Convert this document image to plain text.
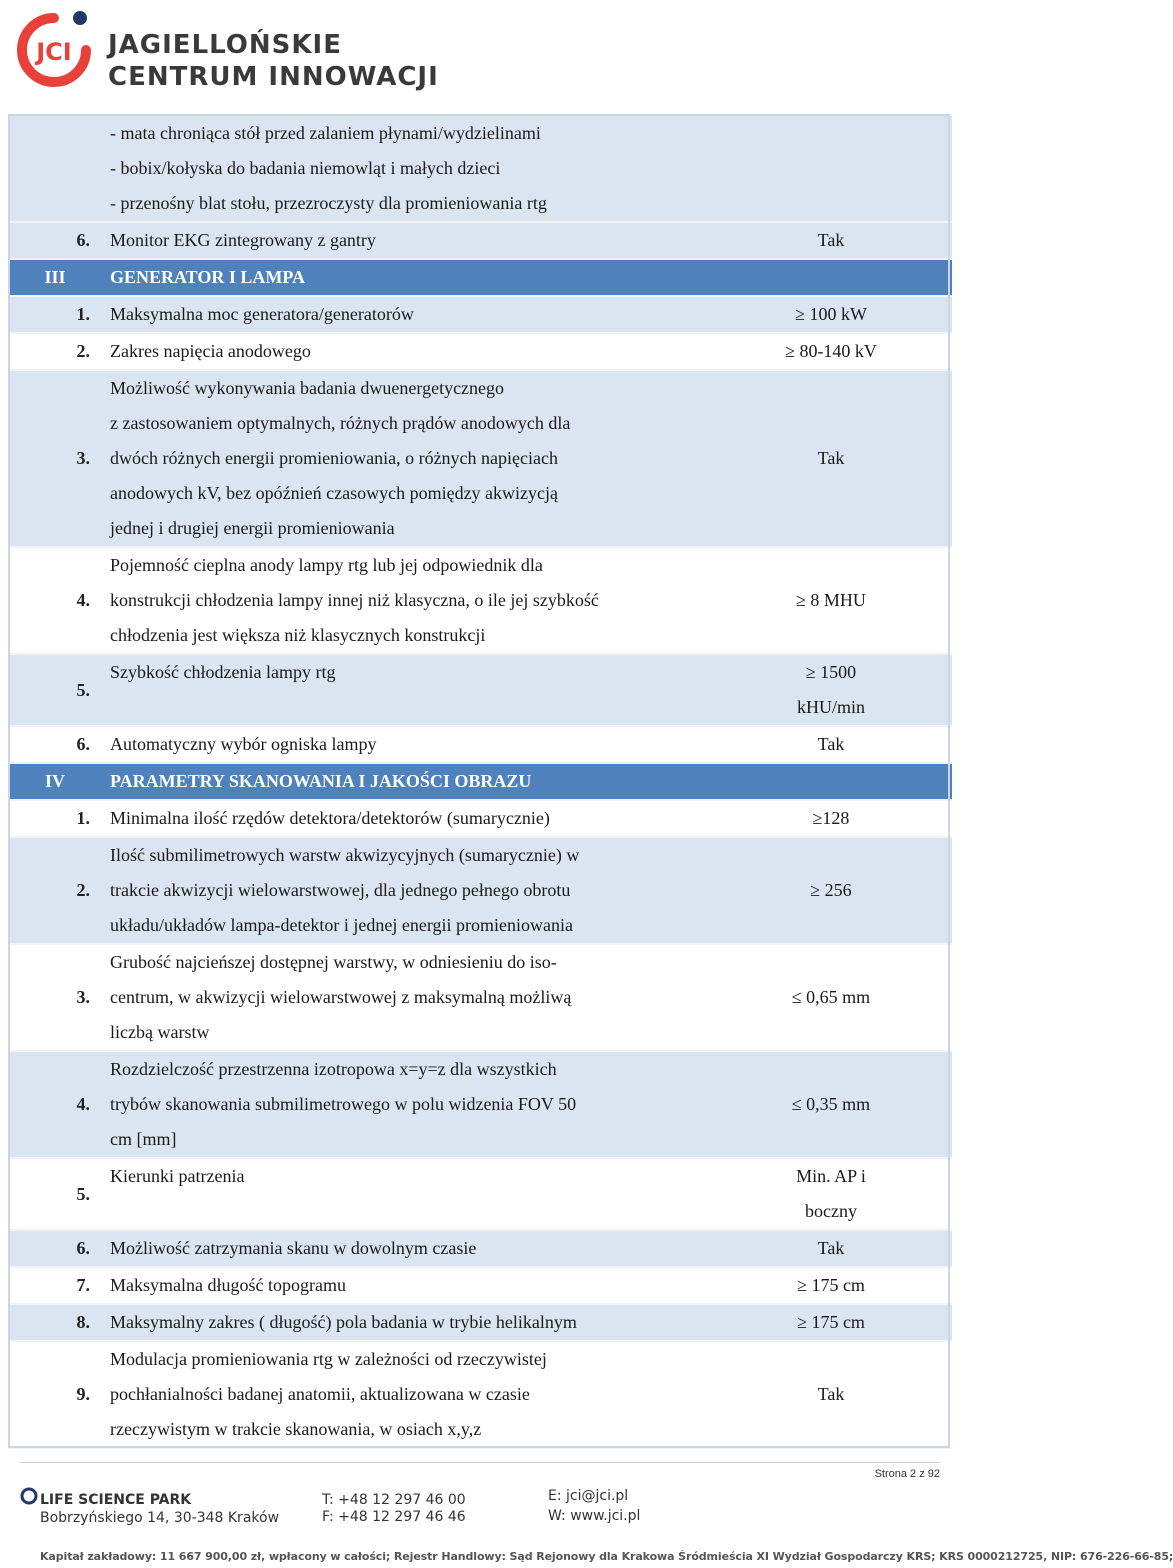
JCI JAGIELLOŃSKIE
CENTRUM INNOWACJI

	- mata chroniąca stół przed zalaniem płynami/wydzielinami
- bobix/kołyska do badania niemowląt i małych dzieci
- przenośny blat stołu, przezroczysty dla promieniowania rtg	

6.	Monitor EKG zintegrowany z gantry	Tak
III	GENERATOR I LAMPA	

1.	Maksymalna moc generatora/generatorów	≥ 100 kW
2.	Zakres napięcia anodowego	≥ 80-140 kV
3.	Możliwość wykonywania badania dwuenergetycznego
z zastosowaniem optymalnych, różnych prądów anodowych dla
dwóch różnych energii promieniowania, o różnych napięciach
anodowych kV, bez opóźnień czasowych pomiędzy akwizycją
jednej i drugiej energii promieniowania	Tak
4.	Pojemność cieplna anody lampy rtg lub jej odpowiednik dla
konstrukcji chłodzenia lampy innej niż klasyczna, o ile jej szybkość
chłodzenia jest większa niż klasycznych konstrukcji	≥ 8 MHU
5.	Szybkość chłodzenia lampy rtg	≥ 1500
kHU/min
6.	Automatyczny wybór ogniska lampy	Tak
IV	PARAMETRY SKANOWANIA I JAKOŚCI OBRAZU	

1.	Minimalna ilość rzędów detektora/detektorów (sumarycznie)	≥128
2.	Ilość submilimetrowych warstw akwizycyjnych (sumarycznie) w
trakcie akwizycji wielowarstwowej, dla jednego pełnego obrotu
układu/układów lampa-detektor i jednej energii promieniowania	≥ 256
3.	Grubość najcieńszej dostępnej warstwy, w odniesieniu do iso-
centrum, w akwizycji wielowarstwowej z maksymalną możliwą
liczbą warstw	≤ 0,65 mm
4.	Rozdzielczość przestrzenna izotropowa x=y=z dla wszystkich
trybów skanowania submilimetrowego w polu widzenia FOV 50
cm [mm]	≤ 0,35 mm
5.	Kierunki patrzenia	Min. AP i
boczny
6.	Możliwość zatrzymania skanu w dowolnym czasie	Tak
7.	Maksymalna długość topogramu	≥ 175 cm
8.	Maksymalny zakres ( długość) pola badania w trybie helikalnym	≥ 175 cm
9.	Modulacja promieniowania rtg w zależności od rzeczywistej
pochłanialności badanej anatomii, aktualizowana w czasie
rzeczywistym w trakcie skanowania, w osiach x,y,z	Tak
Strona 2 z 92
LIFE SCIENCE PARK
Bobrzyńskiego 14, 30-348 Kraków
T: +48 12 297 46 00
F: +48 12 297 46 46
E: jci@jci.pl
W: www.jci.pl
Kapitał zakładowy: 11 667 900,00 zł, wpłacony w całości; Rejestr Handlowy: Sąd Rejonowy dla Krakowa Śródmieścia XI Wydział Gospodarczy KRS; KRS 0000212725, NIP: 676-226-66-85;
